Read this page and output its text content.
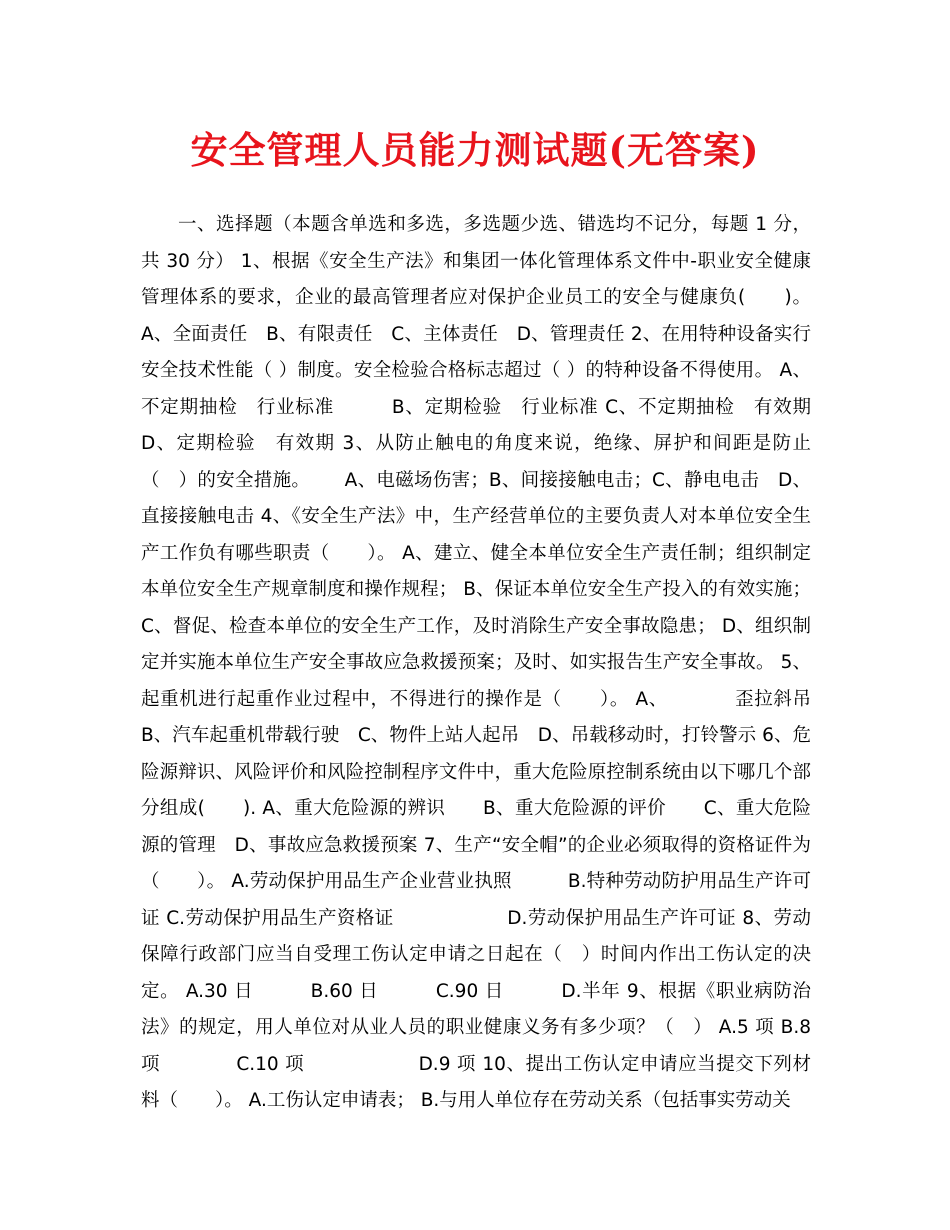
安全管理人员能力测试题(无答案)

一、选择题（本题含单选和多选，多选题少选、错选均不记分，每题 1 分，共 30 分） 1、根据《安全生产法》和集团一体化管理体系文件中-职业安全健康管理体系的要求，企业的最高管理者应对保护企业员工的安全与健康负(　　)。 A、全面责任　B、有限责任　C、主体责任　D、管理责任 2、在用特种设备实行安全技术性能（ ）制度。安全检验合格标志超过（ ）的特种设备不得使用。 A、不定期抽检　行业标准　　　B、定期检验　行业标准 C、不定期抽检　有效期 D、定期检验　有效期 3、从防止触电的角度来说，绝缘、屏护和间距是防止（　）的安全措施。　　 A、电磁场伤害；B、间接接触电击；C、静电电击　D、直接接触电击 4、《安全生产法》中，生产经营单位的主要负责人对本单位安全生产工作负有哪些职责（　　）。 A、建立、健全本单位安全生产责任制；组织制定本单位安全生产规章制度和操作规程； B、保证本单位安全生产投入的有效实施； C、督促、检查本单位的安全生产工作，及时消除生产安全事故隐患； D、组织制定并实施本单位生产安全事故应急救援预案；及时、如实报告生产安全事故。 5、起重机进行起重作业过程中，不得进行的操作是（　　）。 A、　　　　歪拉斜吊 B、汽车起重机带载行驶　C、物件上站人起吊　D、吊载移动时，打铃警示 6、危险源辩识、风险评价和风险控制程序文件中，重大危险原控制系统由以下哪几个部分组成(　　). A、重大危险源的辨识　　B、重大危险源的评价　　C、重大危险源的管理　D、事故应急救援预案 7、生产“安全帽”的企业必须取得的资格证件为（　　）。 A.劳动保护用品生产企业营业执照　　　B.特种劳动防护用品生产许可证 C.劳动保护用品生产资格证　　　　　　D.劳动保护用品生产许可证 8、劳动保障行政部门应当自受理工伤认定申请之日起在（　）时间内作出工伤认定的决定。 A.30 日　　　B.60 日　　　C.90 日　　　D.半年 9、根据《职业病防治法》的规定，用人单位对从业人员的职业健康义务有多少项？（　） A.5 项 B.8 项　　　　C.10 项　　　　　　D.9 项 10、提出工伤认定申请应当提交下列材料（　　）。 A.工伤认定申请表； B.与用人单位存在劳动关系（包括事实劳动关
